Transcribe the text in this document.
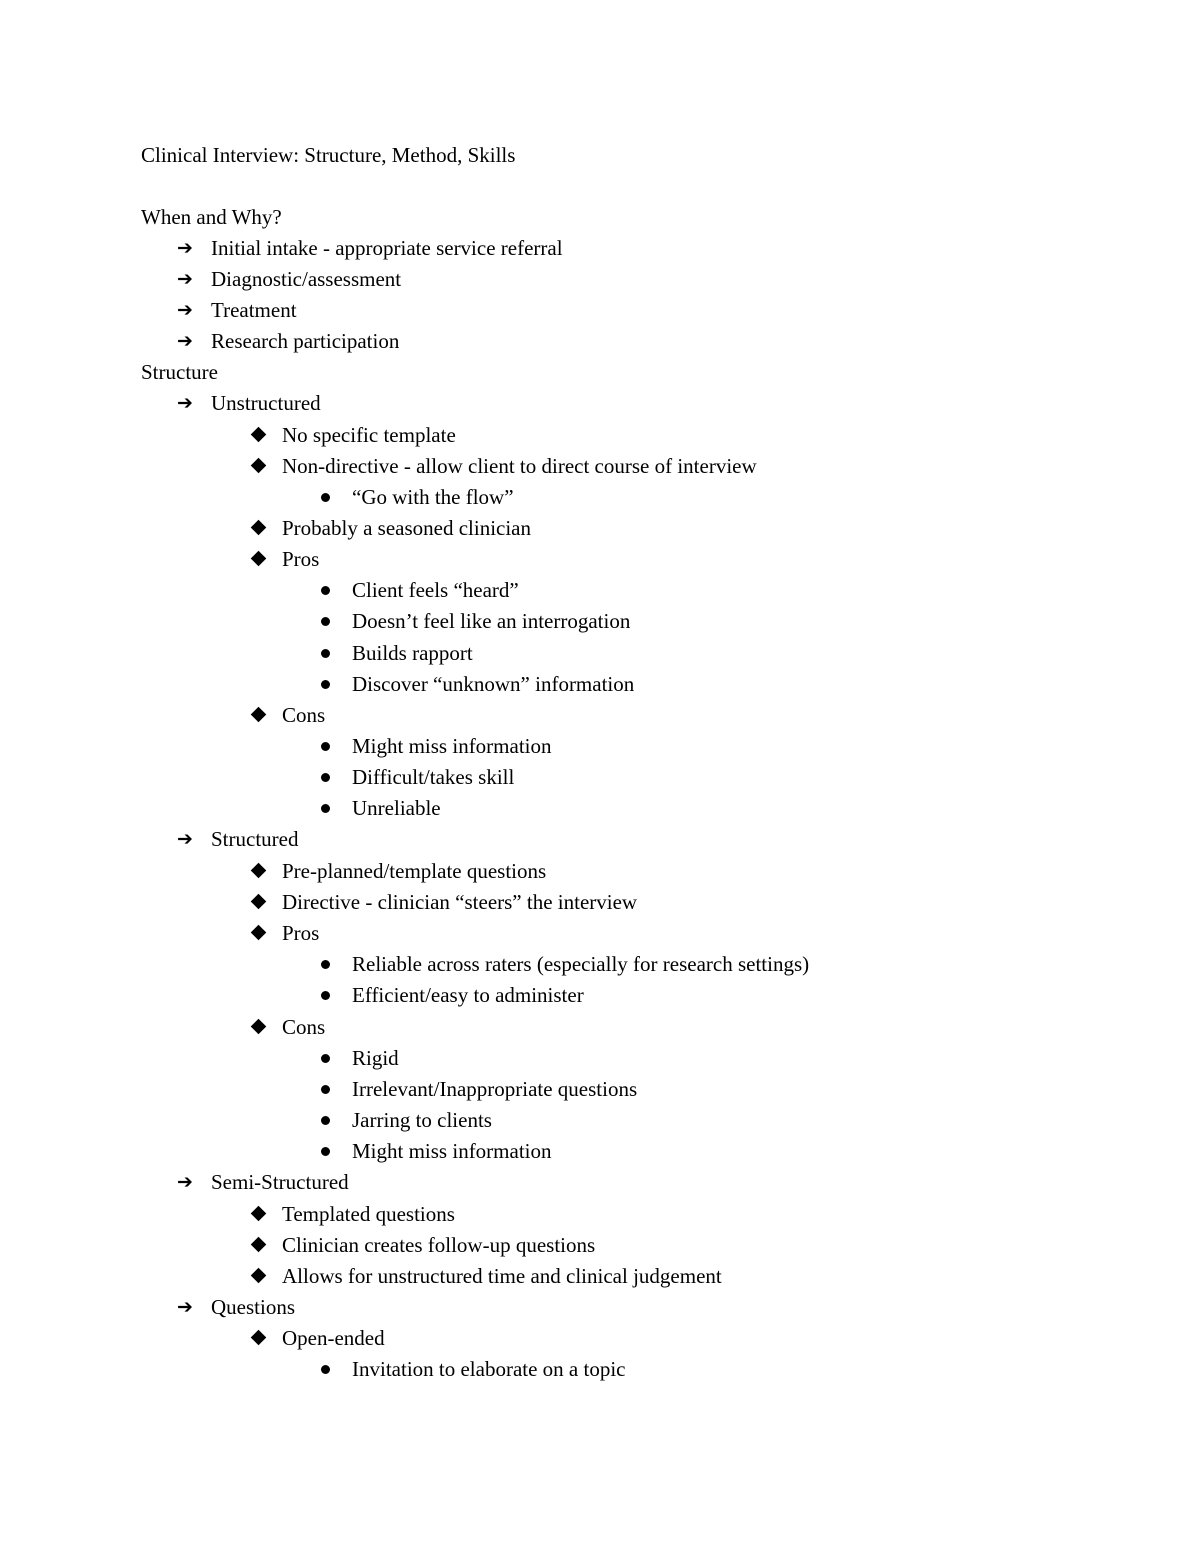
Clinical Interview: Structure, Method, Skills
When and Why?
➔
Initial intake - appropriate service referral
➔
Diagnostic/assessment
➔
Treatment
➔
Research participation
Structure
➔
Unstructured
No specific template
Non-directive - allow client to direct course of interview
“Go with the flow”
Probably a seasoned clinician
Pros
Client feels “heard”
Doesn’t feel like an interrogation
Builds rapport
Discover “unknown” information
Cons
Might miss information
Difficult/takes skill
Unreliable
➔
Structured
Pre-planned/template questions
Directive - clinician “steers” the interview
Pros
Reliable across raters (especially for research settings)
Efficient/easy to administer
Cons
Rigid
Irrelevant/Inappropriate questions
Jarring to clients
Might miss information
➔
Semi-Structured
Templated questions
Clinician creates follow-up questions
Allows for unstructured time and clinical judgement
➔
Questions
Open-ended
Invitation to elaborate on a topic
